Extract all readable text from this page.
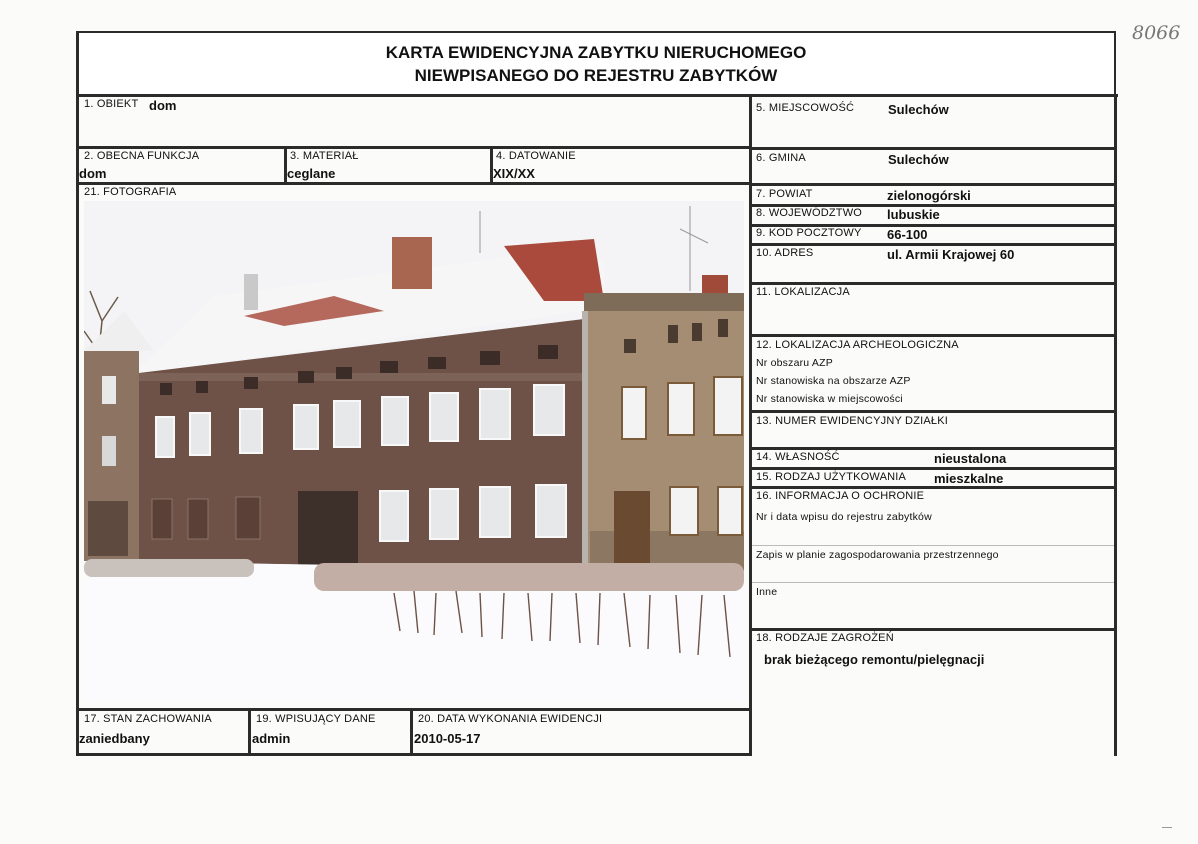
KARTA EWIDENCYJNA ZABYTKU NIERUCHOMEGO
NIEWPISANEGO DO REJESTRU ZABYTKÓW
8066
1. OBIEKT dom
2. OBECNA FUNKCJA
dom
3. MATERIAŁ
ceglane
4. DATOWANIE
XIX/XX
21. FOTOGRAFIA
17. STAN ZACHOWANIA
zaniedbany
19. WPISUJĄCY DANE
admin
20. DATA WYKONANIA EWIDENCJI
2010-05-17
5. MIEJSCOWOŚĆ	Sulechów
6. GMINA	Sulechów
7. POWIAT	zielonogórski
8. WOJEWÓDZTWO lubuskie
9. KOD POCZTOWY 66-100
10. ADRES	ul. Armii Krajowej 60
11. LOKALIZACJA
12. LOKALIZACJA ARCHEOLOGICZNA
Nr obszaru AZP
Nr stanowiska na obszarze AZP
Nr stanowiska w miejscowości
13. NUMER EWIDENCYJNY DZIAŁKI
14. WŁASNOŚĆ	nieustalona
15. RODZAJ UŻYTKOWANIA mieszkalne
16. INFORMACJA O OCHRONIE
Nr i data wpisu do rejestru zabytków
Zapis w planie zagospodarowania przestrzennego
Inne
18. RODZAJE ZAGROŻEŃ
brak bieżącego remontu/pielęgnacji
